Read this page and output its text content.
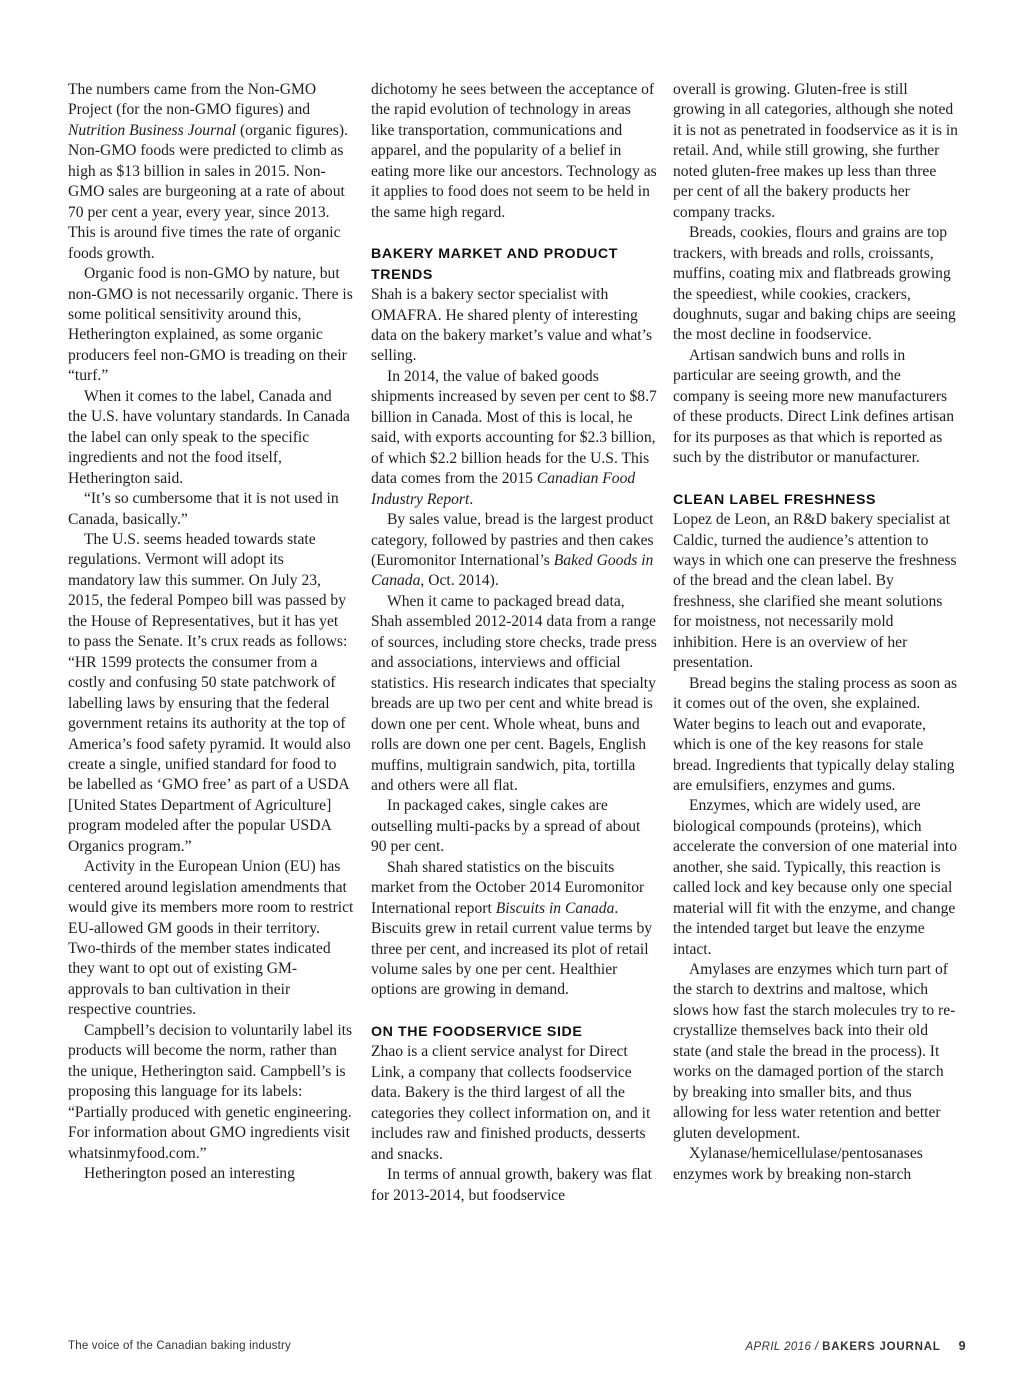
The numbers came from the Non-GMO Project (for the non-GMO figures) and Nutrition Business Journal (organic figures). Non-GMO foods were predicted to climb as high as $13 billion in sales in 2015. Non-GMO sales are burgeoning at a rate of about 70 per cent a year, every year, since 2013. This is around five times the rate of organic foods growth.

Organic food is non-GMO by nature, but non-GMO is not necessarily organic. There is some political sensitivity around this, Hetherington explained, as some organic producers feel non-GMO is treading on their “turf.”

When it comes to the label, Canada and the U.S. have voluntary standards. In Canada the label can only speak to the specific ingredients and not the food itself, Hetherington said.

“It’s so cumbersome that it is not used in Canada, basically.”

The U.S. seems headed towards state regulations. Vermont will adopt its mandatory law this summer. On July 23, 2015, the federal Pompeo bill was passed by the House of Representatives, but it has yet to pass the Senate. It’s crux reads as follows: “HR 1599 protects the consumer from a costly and confusing 50 state patchwork of labelling laws by ensuring that the federal government retains its authority at the top of America’s food safety pyramid. It would also create a single, unified standard for food to be labelled as ‘GMO free’ as part of a USDA [United States Department of Agriculture] program modeled after the popular USDA Organics program.”

Activity in the European Union (EU) has centered around legislation amendments that would give its members more room to restrict EU-allowed GM goods in their territory. Two-thirds of the member states indicated they want to opt out of existing GM-approvals to ban cultivation in their respective countries.

Campbell’s decision to voluntarily label its products will become the norm, rather than the unique, Hetherington said. Campbell’s is proposing this language for its labels: “Partially produced with genetic engineering. For information about GMO ingredients visit whatsinmyfood.com.”

Hetherington posed an interesting

dichotomy he sees between the acceptance of the rapid evolution of technology in areas like transportation, communications and apparel, and the popularity of a belief in eating more like our ancestors. Technology as it applies to food does not seem to be held in the same high regard.

BAKERY MARKET AND PRODUCT TRENDS

Shah is a bakery sector specialist with OMAFRA. He shared plenty of interesting data on the bakery market’s value and what’s selling.

In 2014, the value of baked goods shipments increased by seven per cent to $8.7 billion in Canada. Most of this is local, he said, with exports accounting for $2.3 billion, of which $2.2 billion heads for the U.S. This data comes from the 2015 Canadian Food Industry Report.

By sales value, bread is the largest product category, followed by pastries and then cakes (Euromonitor International’s Baked Goods in Canada, Oct. 2014).

When it came to packaged bread data, Shah assembled 2012-2014 data from a range of sources, including store checks, trade press and associations, interviews and official statistics. His research indicates that specialty breads are up two per cent and white bread is down one per cent. Whole wheat, buns and rolls are down one per cent. Bagels, English muffins, multigrain sandwich, pita, tortilla and others were all flat.

In packaged cakes, single cakes are outselling multi-packs by a spread of about 90 per cent.

Shah shared statistics on the biscuits market from the October 2014 Euromonitor International report Biscuits in Canada. Biscuits grew in retail current value terms by three per cent, and increased its plot of retail volume sales by one per cent. Healthier options are growing in demand.

ON THE FOODSERVICE SIDE

Zhao is a client service analyst for Direct Link, a company that collects foodservice data. Bakery is the third largest of all the categories they collect information on, and it includes raw and finished products, desserts and snacks.

In terms of annual growth, bakery was flat for 2013-2014, but foodservice

overall is growing. Gluten-free is still growing in all categories, although she noted it is not as penetrated in foodservice as it is in retail. And, while still growing, she further noted gluten-free makes up less than three per cent of all the bakery products her company tracks.

Breads, cookies, flours and grains are top trackers, with breads and rolls, croissants, muffins, coating mix and flatbreads growing the speediest, while cookies, crackers, doughnuts, sugar and baking chips are seeing the most decline in foodservice.

Artisan sandwich buns and rolls in particular are seeing growth, and the company is seeing more new manufacturers of these products. Direct Link defines artisan for its purposes as that which is reported as such by the distributor or manufacturer.

CLEAN LABEL FRESHNESS

Lopez de Leon, an R&D bakery specialist at Caldic, turned the audience’s attention to ways in which one can preserve the freshness of the bread and the clean label. By freshness, she clarified she meant solutions for moistness, not necessarily mold inhibition. Here is an overview of her presentation.

Bread begins the staling process as soon as it comes out of the oven, she explained. Water begins to leach out and evaporate, which is one of the key reasons for stale bread. Ingredients that typically delay staling are emulsifiers, enzymes and gums.

Enzymes, which are widely used, are biological compounds (proteins), which accelerate the conversion of one material into another, she said. Typically, this reaction is called lock and key because only one special material will fit with the enzyme, and change the intended target but leave the enzyme intact.

Amylases are enzymes which turn part of the starch to dextrins and maltose, which slows how fast the starch molecules try to re-crystallize themselves back into their old state (and stale the bread in the process). It works on the damaged portion of the starch by breaking into smaller bits, and thus allowing for less water retention and better gluten development.

Xylanase/hemicellulase/pentosanases enzymes work by breaking non-starch

The voice of the Canadian baking industry	APRIL 2016 / BAKERS JOURNAL 9
